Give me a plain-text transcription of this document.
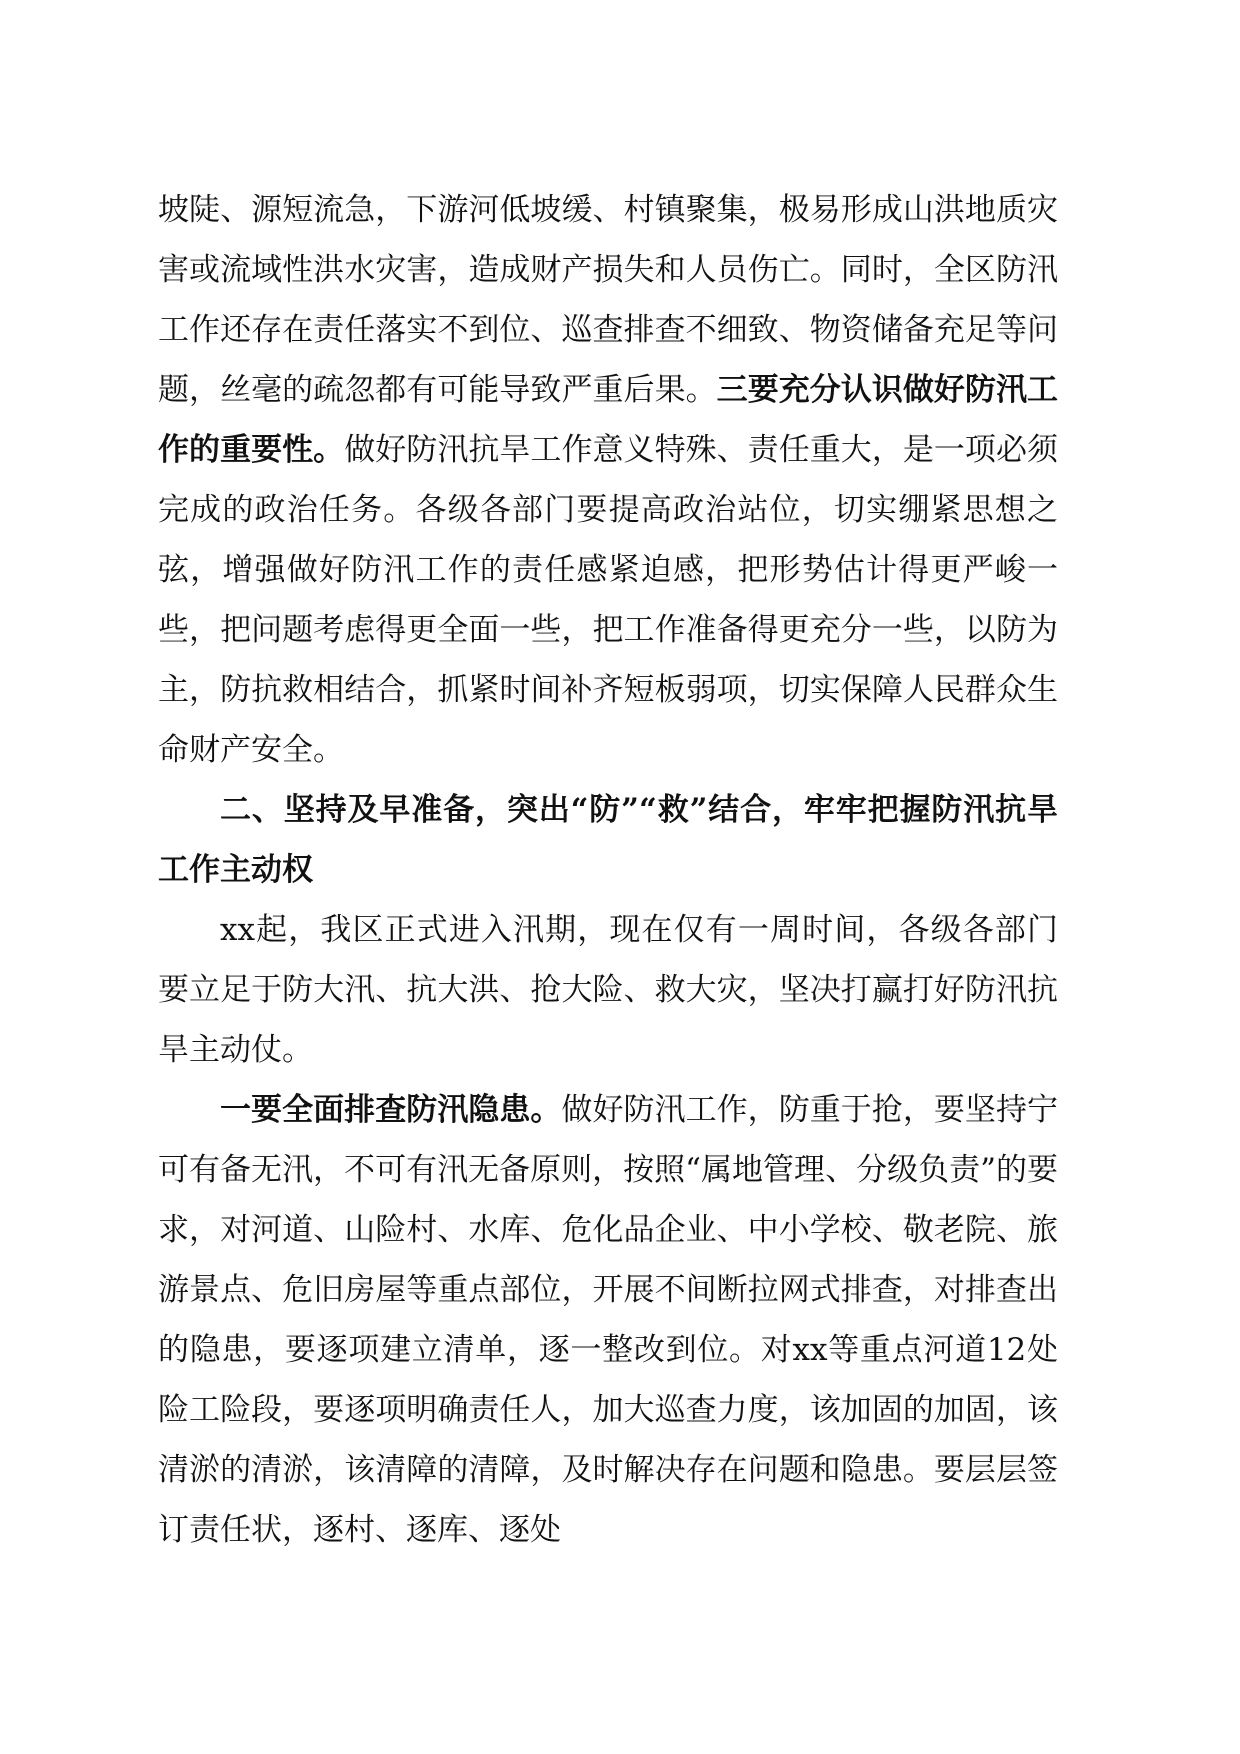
坡陡、源短流急，下游河低坡缓、村镇聚集，极易形成山洪地质灾害或流域性洪水灾害，造成财产损失和人员伤亡。同时，全区防汛工作还存在责任落实不到位、巡查排查不细致、物资储备充足等问题，丝毫的疏忽都有可能导致严重后果。三要充分认识做好防汛工作的重要性。做好防汛抗旱工作意义特殊、责任重大，是一项必须完成的政治任务。各级各部门要提高政治站位，切实绷紧思想之弦，增强做好防汛工作的责任感紧迫感，把形势估计得更严峻一些，把问题考虑得更全面一些，把工作准备得更充分一些，以防为主，防抗救相结合，抓紧时间补齐短板弱项，切实保障人民群众生命财产安全。

二、坚持及早准备，突出“防”“救”结合，牢牢把握防汛抗旱工作主动权

xx起，我区正式进入汛期，现在仅有一周时间，各级各部门要立足于防大汛、抗大洪、抢大险、救大灾，坚决打赢打好防汛抗旱主动仗。

一要全面排查防汛隐患。做好防汛工作，防重于抢，要坚持宁可有备无汛，不可有汛无备原则，按照“属地管理、分级负责”的要求，对河道、山险村、水库、危化品企业、中小学校、敬老院、旅游景点、危旧房屋等重点部位，开展不间断拉网式排查，对排查出的隐患，要逐项建立清单，逐一整改到位。对xx等重点河道12处险工险段，要逐项明确责任人，加大巡查力度，该加固的加固，该清淤的清淤，该清障的清障，及时解决存在问题和隐患。要层层签订责任状，逐村、逐库、逐处
